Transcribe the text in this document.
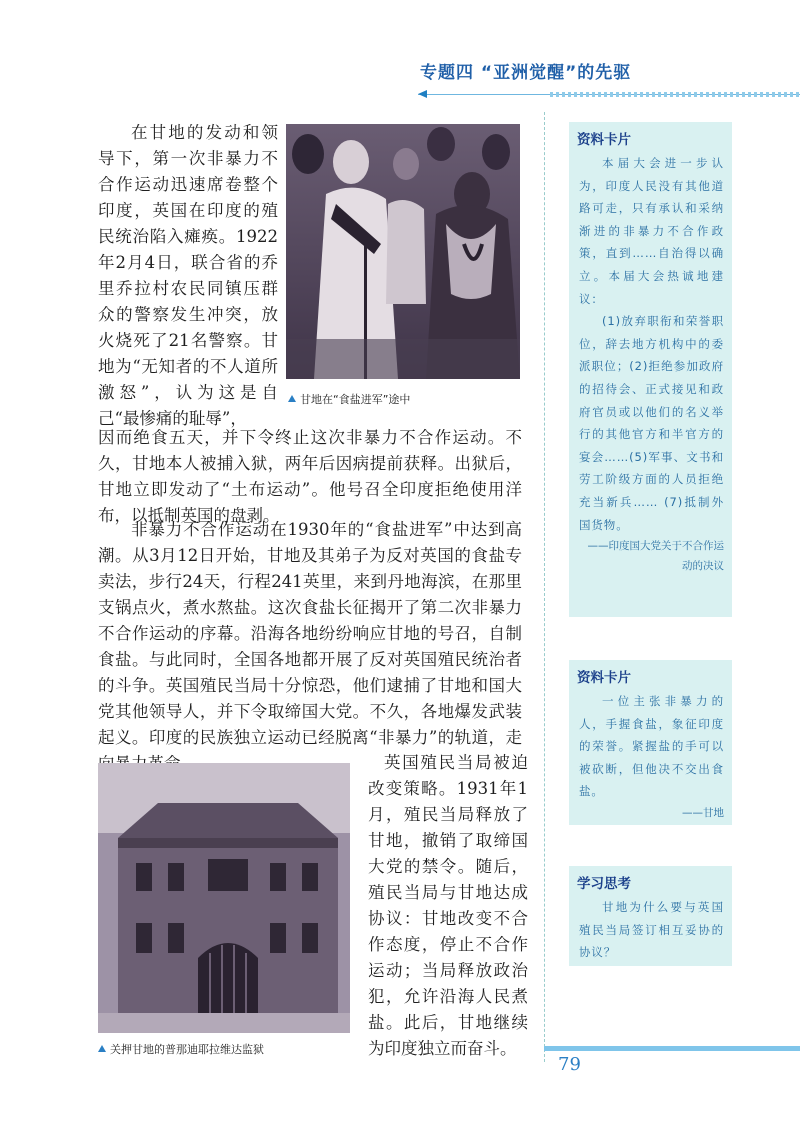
专题四 “亚洲觉醒”的先驱
在甘地的发动和领导下，第一次非暴力不合作运动迅速席卷整个印度，英国在印度的殖民统治陷入瘫痪。1922年2月4日，联合省的乔里乔拉村农民同镇压群众的警察发生冲突，放火烧死了21名警察。甘地为“无知者的不人道所激怒”，认为这是自己“最惨痛的耻辱”，
因而绝食五天，并下令终止这次非暴力不合作运动。不久，甘地本人被捕入狱，两年后因病提前获释。出狱后，甘地立即发动了“土布运动”。他号召全印度拒绝使用洋布，以抵制英国的盘剥。
非暴力不合作运动在1930年的“食盐进军”中达到高潮。从3月12日开始，甘地及其弟子为反对英国的食盐专卖法，步行24天，行程241英里，来到丹地海滨，在那里支锅点火，煮水熬盐。这次食盐长征揭开了第二次非暴力不合作运动的序幕。沿海各地纷纷响应甘地的号召，自制食盐。与此同时，全国各地都开展了反对英国殖民统治者的斗争。英国殖民当局十分惊恐，他们逮捕了甘地和国大党其他领导人，并下令取缔国大党。不久，各地爆发武装起义。印度的民族独立运动已经脱离“非暴力”的轨道，走
英国殖民当局被迫改变策略。1931年1月，殖民当局释放了甘地，撤销了取缔国大党的禁令。随后，殖民当局与甘地达成协议：甘地改变不合作态度，停止不合作运动；当局释放政治犯，允许沿海人民煮盐。此后，甘地继续为印度独立而奋斗。
甘地在“食盐进军”途中
关押甘地的普那迪耶拉维达监狱
资料卡片
本届大会进一步认为，印度人民没有其他道路可走，只有承认和采纳渐进的非暴力不合作政策，直到……自治得以确立。本届大会热诚地建议：
(1)放弃职衔和荣誉职位，辞去地方机构中的委派职位；(2)拒绝参加政府的招待会、正式接见和政府官员或以他们的名义举行的其他官方和半官方的宴会……(5)军事、文书和劳工阶级方面的人员拒绝充当新兵…… (7)抵制外国货物。
——印度国大党关于不合作运动的决议
资料卡片
一位主张非暴力的人，手握食盐，象征印度的荣誉。紧握盐的手可以被砍断，但他决不交出食盐。
——甘地
学习思考
甘地为什么要与英国殖民当局签订相互妥协的协议？
79
